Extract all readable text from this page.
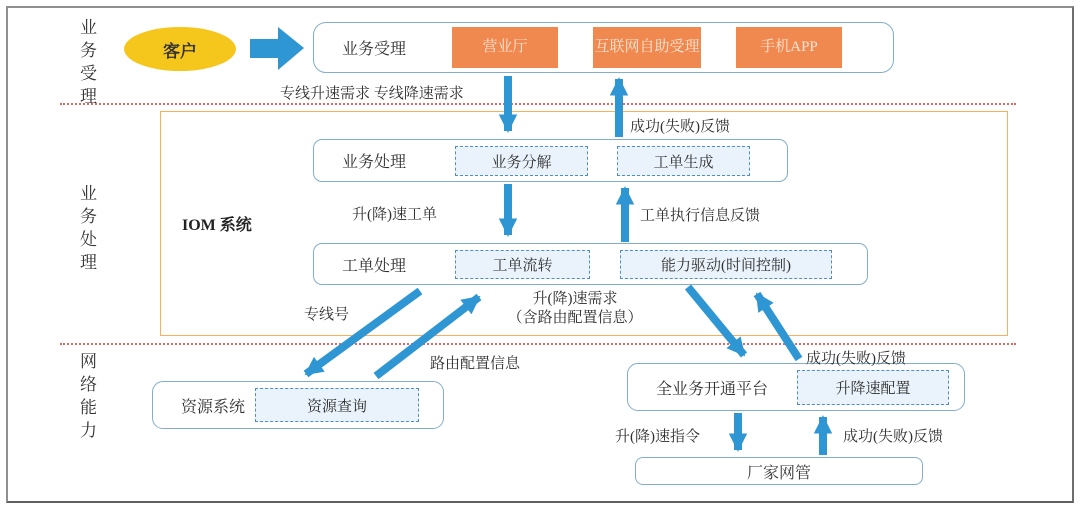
业务受理
业务处理
网络能力
IOM 系统
客户	业务受理	营业厅	互联网自助受理	手机APP
业务处理	业务分解	工单生成
工单处理	工单流转	能力驱动(时间控制)
资源系统	资源查询
全业务开通平台	升降速配置
厂家网管
专线升速需求 专线降速需求
成功(失败)反馈
升(降)速工单	工单执行信息反馈
专线号
升(降)速需求
（含路由配置信息）
路由配置信息	成功(失败)反馈
升(降)速指令	成功(失败)反馈
